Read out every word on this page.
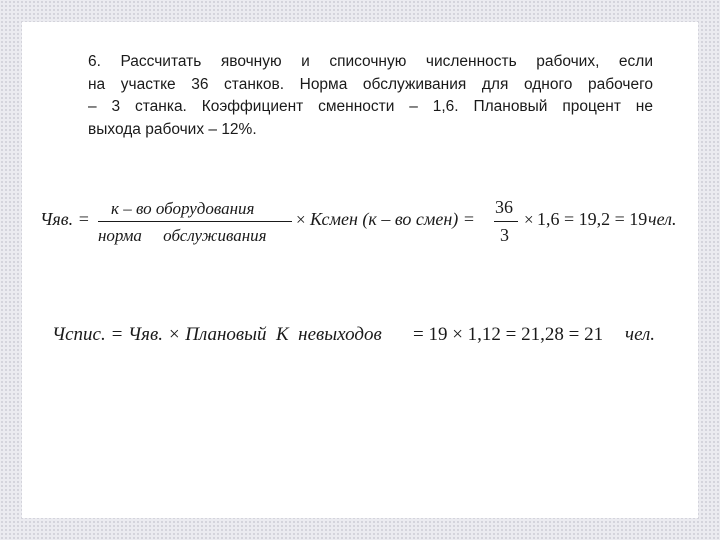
6. Рассчитать явочную и списочную численность рабочих, если
на участке 36 станков. Норма обслуживания для одного рабочего
– 3 станка. Коэффициент сменности – 1,6. Плановый процент не
выхода рабочих – 12%.
Чяв. =
к – во оборудования
норма     обслуживания
× Ксмен (к – во смен) =
36
3
× 1,6 = 19,2 = 19 чел.
Чспис. = Чяв. × Плановый  К  невыходов = 19 × 1,12 = 21,28 = 21 чел.
